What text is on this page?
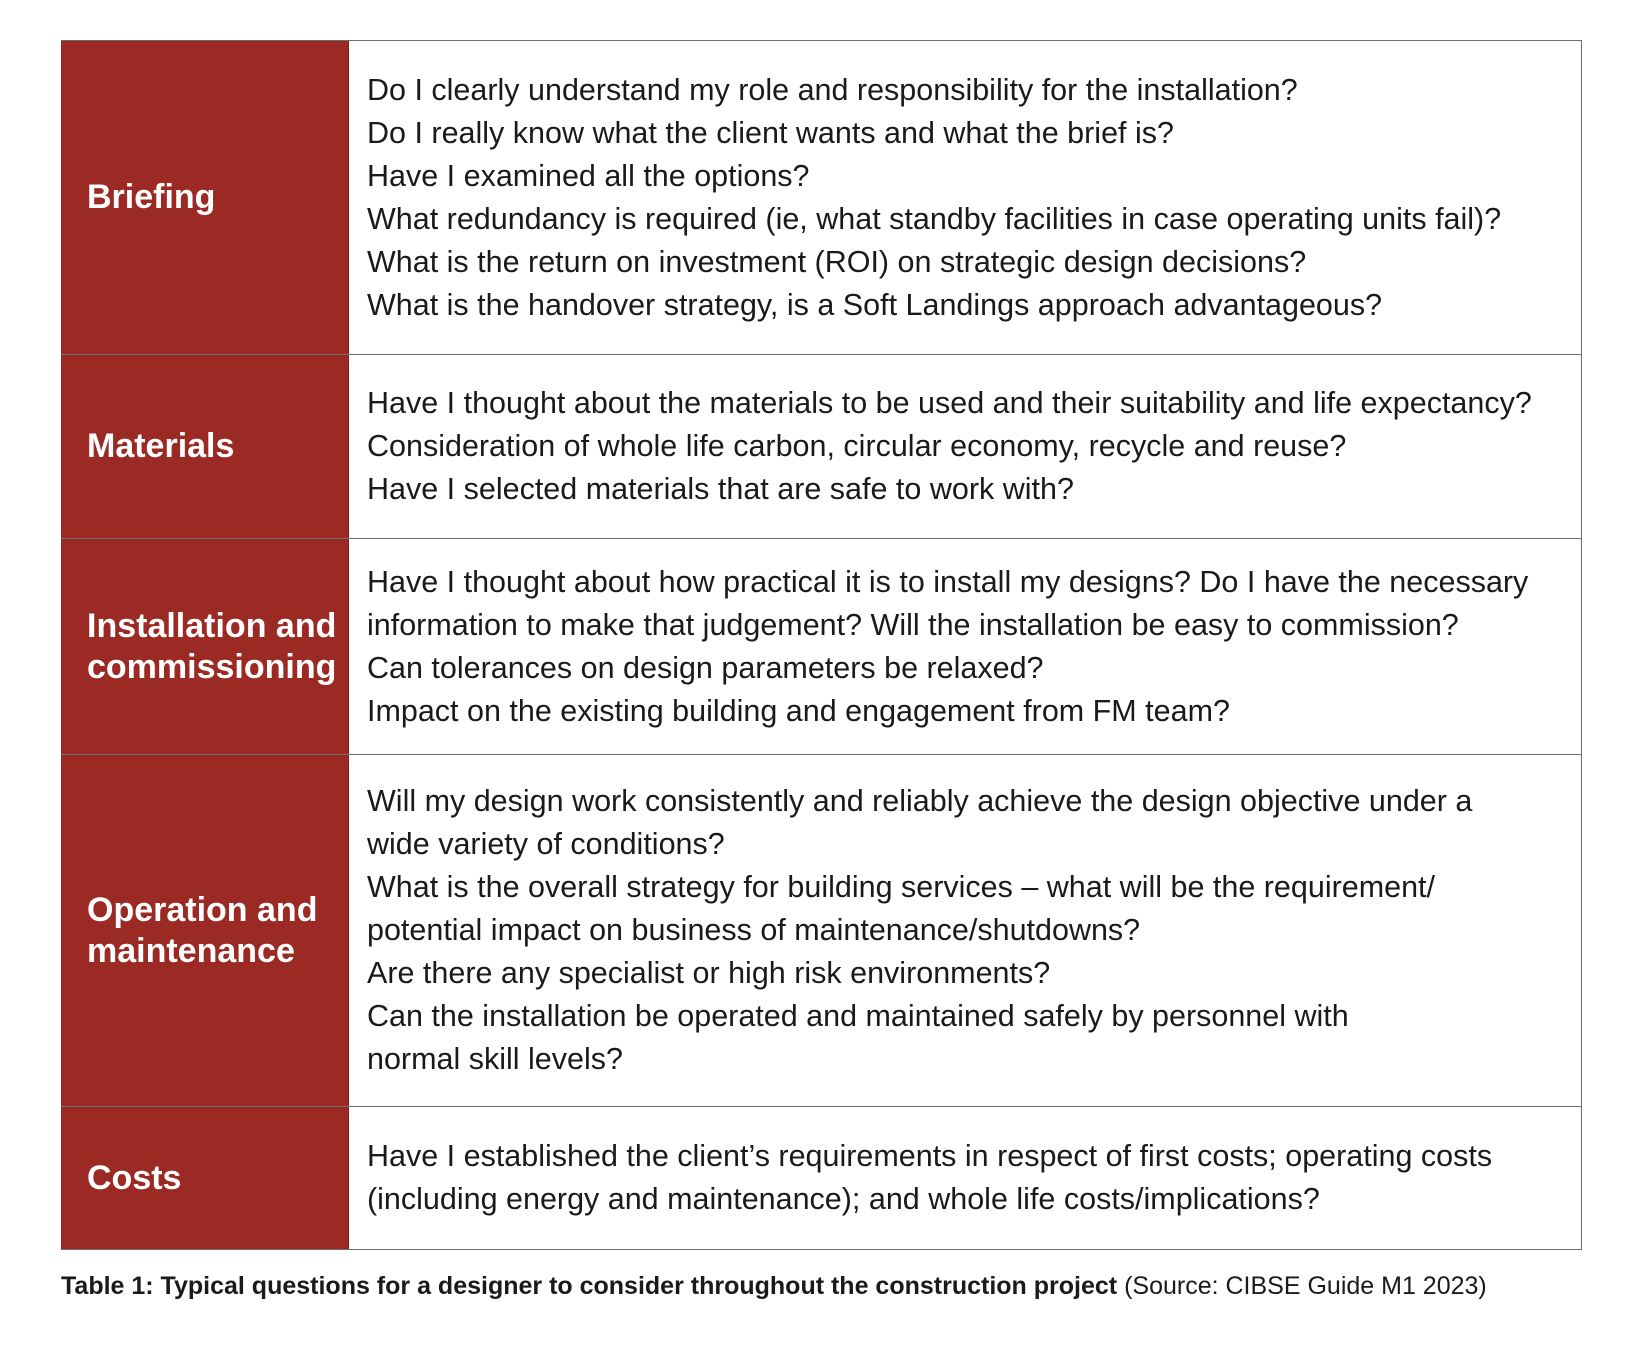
Briefing

Do I clearly understand my role and responsibility for the installation?

Do I really know what the client wants and what the brief is?

Have I examined all the options?

What redundancy is required (ie, what standby facilities in case operating units fail)?

What is the return on investment (ROI) on strategic design decisions?

What is the handover strategy, is a Soft Landings approach advantageous?

Materials

Have I thought about the materials to be used and their suitability and life expectancy?

Consideration of whole life carbon, circular economy, recycle and reuse?

Have I selected materials that are safe to work with?

Installation and commissioning

Have I thought about how practical it is to install my designs? Do I have the necessary

information to make that judgement? Will the installation be easy to commission?

Can tolerances on design parameters be relaxed?

Impact on the existing building and engagement from FM team?

Operation and maintenance

Will my design work consistently and reliably achieve the design objective under a

wide variety of conditions?

What is the overall strategy for building services – what will be the requirement/

potential impact on business of maintenance/shutdowns?

Are there any specialist or high risk environments?

Can the installation be operated and maintained safely by personnel with

normal skill levels?

Costs

Have I established the client’s requirements in respect of first costs; operating costs

(including energy and maintenance); and whole life costs/implications?

Table 1: Typical questions for a designer to consider throughout the construction project (Source: CIBSE Guide M1 2023)
